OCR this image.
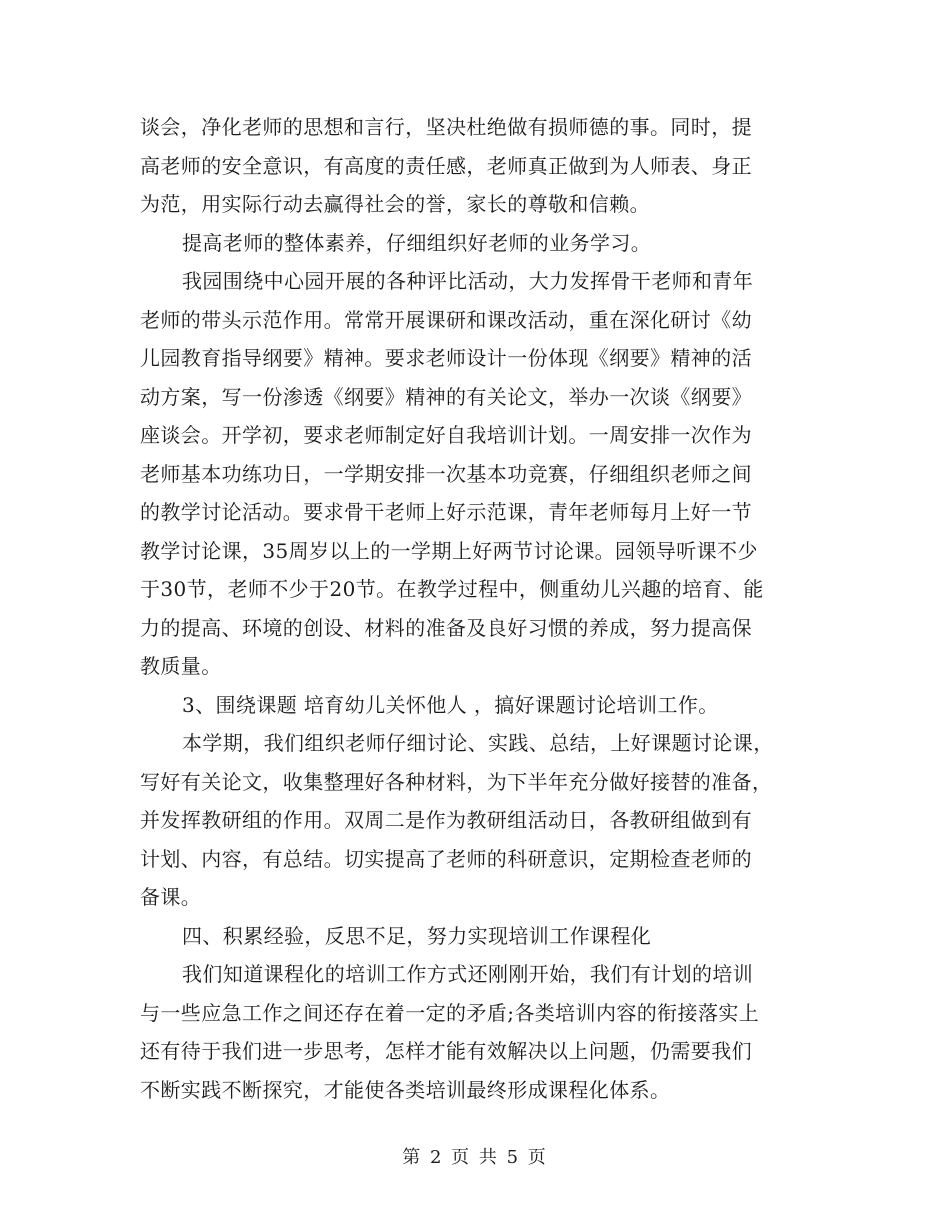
谈会，净化老师的思想和言行，坚决杜绝做有损师德的事。同时，提

高老师的安全意识，有高度的责任感，老师真正做到为人师表、身正

为范，用实际行动去赢得社会的誉，家长的尊敬和信赖。

提高老师的整体素养，仔细组织好老师的业务学习。

我园围绕中心园开展的各种评比活动，大力发挥骨干老师和青年

老师的带头示范作用。常常开展课研和课改活动，重在深化研讨《幼

儿园教育指导纲要》精神。要求老师设计一份体现《纲要》精神的活

动方案，写一份渗透《纲要》精神的有关论文，举办一次谈《纲要》

座谈会。开学初，要求老师制定好自我培训计划。一周安排一次作为

老师基本功练功日，一学期安排一次基本功竞赛，仔细组织老师之间

的教学讨论活动。要求骨干老师上好示范课，青年老师每月上好一节

教学讨论课，35周岁以上的一学期上好两节讨论课。园领导听课不少

于30节，老师不少于20节。在教学过程中，侧重幼儿兴趣的培育、能

力的提高、环境的创设、材料的准备及良好习惯的养成，努力提高保

教质量。

3、围绕课题 培育幼儿关怀他人 ，搞好课题讨论培训工作。

本学期，我们组织老师仔细讨论、实践、总结，上好课题讨论课，

写好有关论文，收集整理好各种材料，为下半年充分做好接替的准备，

并发挥教研组的作用。双周二是作为教研组活动日，各教研组做到有

计划、内容，有总结。切实提高了老师的科研意识，定期检查老师的

备课。

四、积累经验，反思不足，努力实现培训工作课程化

我们知道课程化的培训工作方式还刚刚开始，我们有计划的培训

与一些应急工作之间还存在着一定的矛盾;各类培训内容的衔接落实上

还有待于我们进一步思考，怎样才能有效解决以上问题，仍需要我们

不断实践不断探究，才能使各类培训最终形成课程化体系。

第 2 页 共 5 页
